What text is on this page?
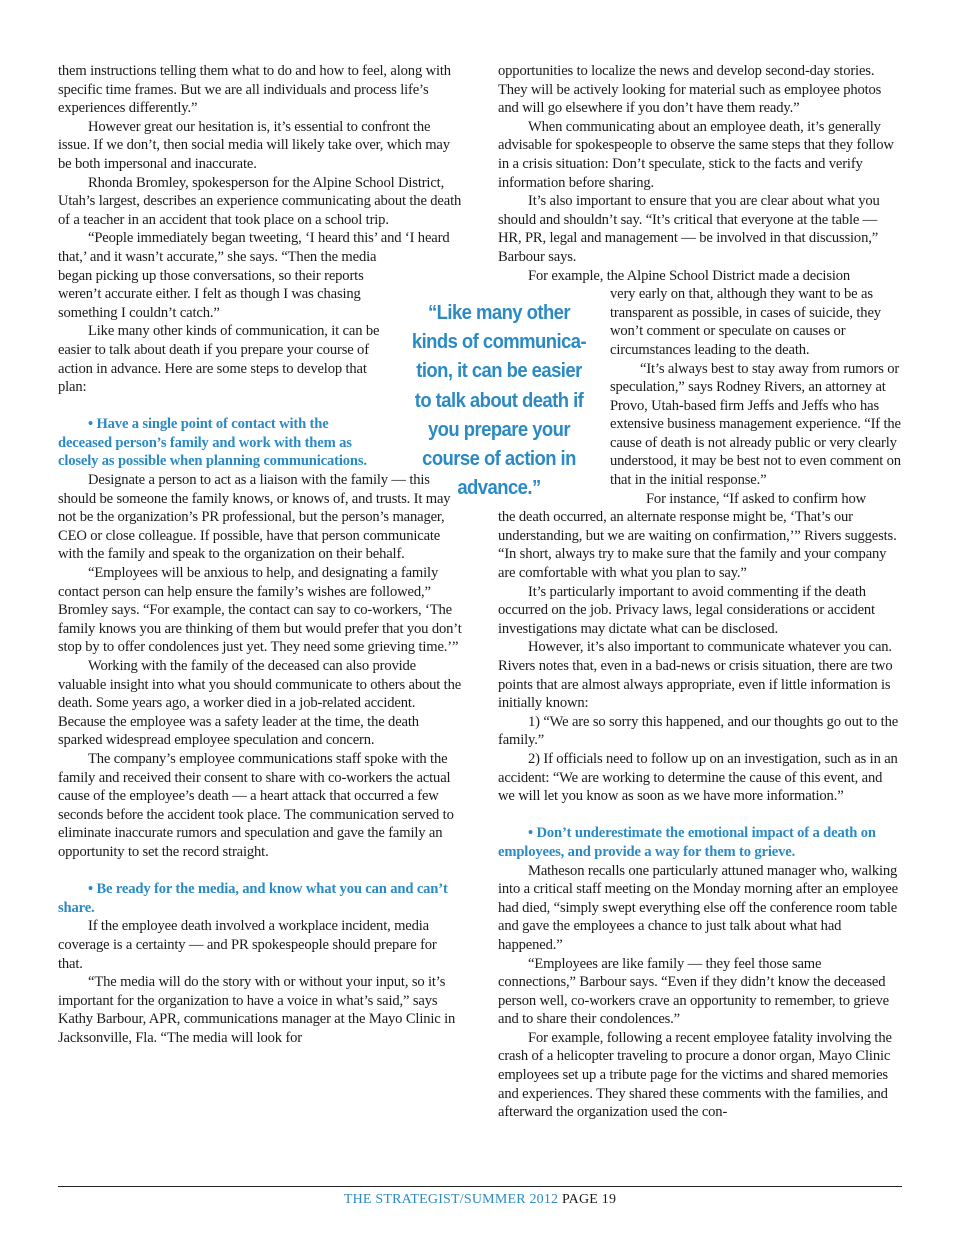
them instructions telling them what to do and how to feel, along with specific time frames. But we are all individuals and process life’s experiences differently.”

However great our hesitation is, it’s essential to confront the issue. If we don’t, then social media will likely take over, which may be both impersonal and inaccurate.

Rhonda Bromley, spokesperson for the Alpine School District, Utah’s largest, describes an experience communicating about the death of a teacher in an accident that took place on a school trip.

“People immediately began tweeting, ‘I heard this’ and ‘I heard that,’ and it wasn’t accurate,” she says. “Then the media

began picking up those conversations, so their reports weren’t accurate either. I felt as though I was chasing something I couldn’t catch.”

Like many other kinds of communication, it can be easier to talk about death if you prepare your course of action in advance. Here are some steps to develop that plan:

• Have a single point of contact with the deceased person’s family and work with them as closely as possible when planning communications.

Designate a person to act as a liaison with the family — this should be someone the family knows, or knows of, and trusts. It may not be the organization’s PR professional, but the person’s manager, CEO or close colleague. If possible, have that person communicate with the family and speak to the organization on their behalf.

“Employees will be anxious to help, and designating a family contact person can help ensure the family’s wishes are followed,” Bromley says. “For example, the contact can say to co-workers, ‘The family knows you are thinking of them but would prefer that you don’t stop by to offer condolences just yet. They need some grieving time.’”

Working with the family of the deceased can also provide valuable insight into what you should communicate to others about the death. Some years ago, a worker died in a job-related accident. Because the employee was a safety leader at the time, the death sparked widespread employee speculation and concern.

The company’s employee communications staff spoke with the family and received their consent to share with co-workers the actual cause of the employee’s death — a heart attack that occurred a few seconds before the accident took place. The communication served to eliminate inaccurate rumors and speculation and gave the family an opportunity to set the record straight.

• Be ready for the media, and know what you can and can’t share.

If the employee death involved a workplace incident, media coverage is a certainty — and PR spokespeople should prepare for that.

“The media will do the story with or without your input, so it’s important for the organization to have a voice in what’s said,” says Kathy Barbour, APR, communications manager at the Mayo Clinic in Jacksonville, Fla. “The media will look for

opportunities to localize the news and develop second-day stories. They will be actively looking for material such as employee photos and will go elsewhere if you don’t have them ready.”

When communicating about an employee death, it’s generally advisable for spokespeople to observe the same steps that they follow in a crisis situation: Don’t speculate, stick to the facts and verify information before sharing.

It’s also important to ensure that you are clear about what you should and shouldn’t say. “It’s critical that everyone at the table — HR, PR, legal and management — be involved in that discussion,” Barbour says.

For example, the Alpine School District made a decision

very early on that, although they want to be as transparent as possible, in cases of suicide, they won’t comment or speculate on causes or circumstances leading to the death.

“It’s always best to stay away from rumors or speculation,” says Rodney Rivers, an attorney at Provo, Utah-based firm Jeffs and Jeffs who has extensive business management experience. “If the cause of death is not already public or very clearly understood, it may be best not to even comment on that in the initial response.”

For instance, “If asked to confirm how

the death occurred, an alternate response might be, ‘That’s our understanding, but we are waiting on confirmation,’” Rivers suggests. “In short, always try to make sure that the family and your company are comfortable with what you plan to say.”

It’s particularly important to avoid commenting if the death occurred on the job. Privacy laws, legal considerations or accident investigations may dictate what can be disclosed.

However, it’s also important to communicate whatever you can. Rivers notes that, even in a bad-news or crisis situation, there are two points that are almost always appropriate, even if little information is initially known:

1) “We are so sorry this happened, and our thoughts go out to the family.”

2) If officials need to follow up on an investigation, such as in an accident: “We are working to determine the cause of this event, and we will let you know as soon as we have more information.”

• Don’t underestimate the emotional impact of a death on employees, and provide a way for them to grieve.

Matheson recalls one particularly attuned manager who, walking into a critical staff meeting on the Monday morning after an employee had died, “simply swept everything else off the conference room table and gave the employees a chance to just talk about what had happened.”

“Employees are like family — they feel those same connections,” Barbour says. “Even if they didn’t know the deceased person well, co-workers crave an opportunity to remember, to grieve and to share their condolences.”

For example, following a recent employee fatality involving the crash of a helicopter traveling to procure a donor organ, Mayo Clinic employees set up a tribute page for the victims and shared memories and experiences. They shared these comments with the families, and afterward the organization used the con-

“Like many other kinds of communica-tion, it can be easier to talk about death if you prepare your course of action in advance.”
THE STRATEGIST/SUMMER 2012 PAGE 19
